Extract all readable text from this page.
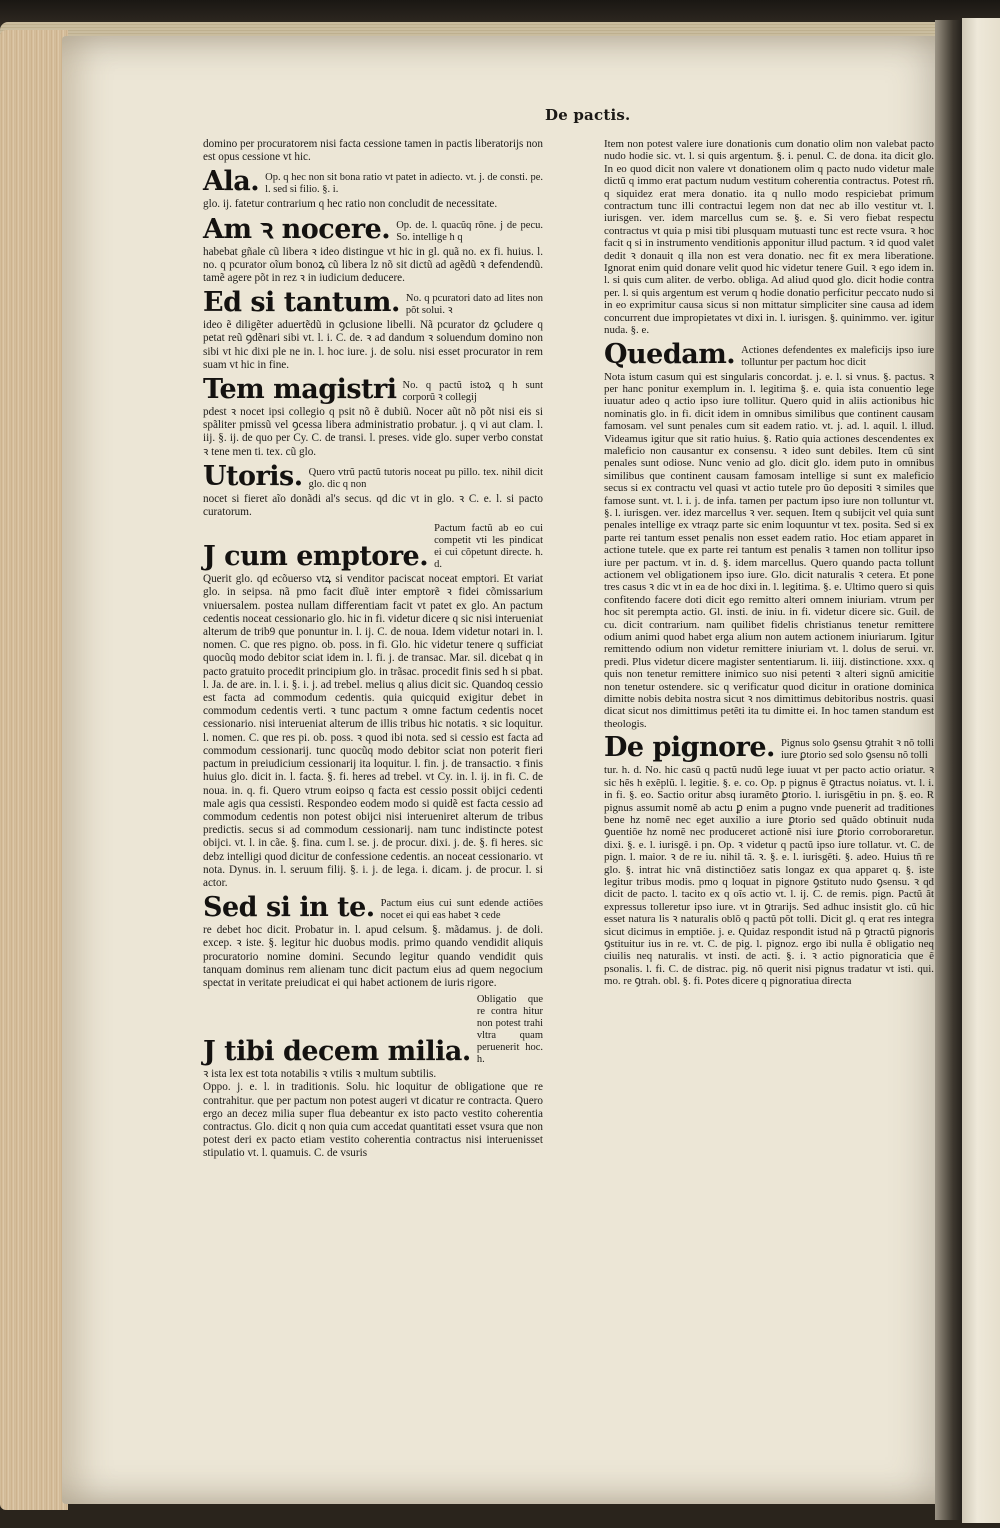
De pactis.

domino per procuratorem nisi facta cessione tamen in pactis liberatorijs non est opus cessione vt hic.

Ala. Op. q hec non sit bona ratio vt patet in adiecto. vt. j. de consti. pe. l. sed si filio. §. i.

glo. ij. fatetur contrarium q hec ratio non concludit de necessitate.

Am ꝛ nocere. Op. de. l. quacũq rõne. j de pecu. So. intellige h q

habebat gñale cũ libera ꝛ ideo distingue vt hic in gl. quã no. ex fi. huius. l. no. q pcurator oĩum bonoꝝ cũ libera lz nõ sit dictũ ad agẽdũ ꝛ defendendũ. tamẽ agere põt in rez ꝛ in iudicium deducere.

Ed si tantum. No. q pcuratori dato ad lites non põt solui. ꝛ

ideo ẽ diligẽter aduertẽdũ in ꝯclusione libelli. Nã pcurator dz ꝯcludere q petat reũ ꝯdẽnari sibi vt. l. i. C. de. ꝛ ad dandum ꝛ soluendum domino non sibi vt hic dixi ple ne in. l. hoc iure. j. de solu. nisi esset procurator in rem suam vt hic in fine.

Tem magistri No. q pactũ istoꝝ q h sunt corporũ ꝛ collegij

pdest ꝛ nocet ipsi collegio q psit nõ ẽ dubiũ. Nocer aũt nõ põt nisi eis si spãliter pmissũ vel ꝯcessa libera administratio probatur. j. q vi aut clam. l. iij. §. ij. de quo per Cy. C. de transi. l. preses. vide glo. super verbo constat ꝛ tene men ti. tex. cũ glo.

Utoris. Quero vtrũ pactũ tutoris noceat pu pillo. tex. nihil dicit glo. dic q non

nocet si fieret aĩo donãdi al's secus. qd dic vt in glo. ꝛ C. e. l. si pacto curatorum.

J cum emptore.
Pactum factũ ab eo cui competit vti les pindicat ei cui cõpetunt directe. h. d.

Querit glo. qd ecõuerso vtꝝ si venditor paciscat noceat emptori. Et variat glo. in seipsa. nã pmo facit dĩuẽ inter emptorẽ ꝛ fidei cõmissarium vniuersalem. postea nullam differentiam facit vt patet ex glo. An pactum cedentis noceat cessionario glo. hic in fi. videtur dicere q sic nisi interueniat alterum de trib9 que ponuntur in. l. ij. C. de noua. Idem videtur notari in. l. nomen. C. que res pigno. ob. poss. in fi. Glo. hic videtur tenere q sufficiat quocũq modo debitor sciat idem in. l. fi. j. de transac. Mar. sil. dicebat q in pacto gratuito procedit principium glo. in trãsac. procedit finis sed h si pbat. l. Ja. de are. in. l. i. §. i. j. ad trebel. melius q alius dicit sic. Quandoq cessio est facta ad commodum cedentis. quia quicquid exigitur debet in commodum cedentis verti. ꝛ tunc pactum ꝛ omne factum cedentis nocet cessionario. nisi interueniat alterum de illis tribus hic notatis. ꝛ sic loquitur. l. nomen. C. que res pi. ob. poss. ꝛ quod ibi nota. sed si cessio est facta ad commodum cessionarij. tunc quocũq modo debitor sciat non poterit fieri pactum in preiudicium cessionarij ita loquitur. l. fin. j. de transactio. ꝛ finis huius glo. dicit in. l. facta. §. fi. heres ad trebel. vt Cy. in. l. ij. in fi. C. de noua. in. q. fi. Quero vtrum eoipso q facta est cessio possit obijci cedenti male agis qua cessisti. Respondeo eodem modo si quidẽ est facta cessio ad commodum cedentis non potest obijci nisi interueniret alterum de tribus predictis. secus si ad commodum cessionarij. nam tunc indistincte potest obijci. vt. l. in cãe. §. fina. cum l. se. j. de procur. dixi. j. de. §. fi heres. sic debz intelligi quod dicitur de confessione cedentis. an noceat cessionario. vt nota. Dynus. in. l. seruum filij. §. i. j. de lega. i. dicam. j. de procur. l. si actor.

Sed si in te. Pactum eius cui sunt edende actiões nocet ei qui eas habet ꝛ cede

re debet hoc dicit. Probatur in. l. apud celsum. §. mãdamus. j. de doli. excep. ꝛ iste. §. legitur hic duobus modis. primo quando vendidit aliquis procuratorio nomine domini. Secundo legitur quando vendidit quis tanquam dominus rem alienam tunc dicit pactum eius ad quem negocium spectat in veritate preiudicat ei qui habet actionem de iuris rigore.

J tibi decem milia.
Obligatio que re contra hitur non potest trahi vltra quam peruenerit hoc. h.

ꝛ ista lex est tota notabilis ꝛ vtilis ꝛ multum subtilis.

Oppo. j. e. l. in traditionis. Solu. hic loquitur de obligatione que re contrahitur. que per pactum non potest augeri vt dicatur re contracta. Quero ergo an decez milia super flua debeantur ex isto pacto vestito coherentia contractus. Glo. dicit q non quia cum accedat quantitati esset vsura que non potest deri ex pacto etiam vestito coherentia contractus nisi interuenisset stipulatio vt. l. quamuis. C. de vsuris

Item non potest valere iure donationis cum donatio olim non valebat pacto nudo hodie sic. vt. l. si quis argentum. §. i. penul. C. de dona. ita dicit glo. In eo quod dicit non valere vt donationem olim q pacto nudo videtur male dictũ q immo erat pactum nudum vestitum coherentia contractus. Potest rñ. q siquidez erat mera donatio. ita q nullo modo respiciebat primum contractum tunc illi contractui legem non dat nec ab illo vestitur vt. l. iurisgen. ver. idem marcellus cum se. §. e. Si vero fiebat respectu contractus vt quia p misi tibi plusquam mutuasti tunc est recte vsura. ꝛ hoc facit q si in instrumento venditionis apponitur illud pactum. ꝛ id quod valet dedit ꝛ donauit q illa non est vera donatio. nec fit ex mera liberatione. Ignorat enim quid donare velit quod hic videtur tenere Guil. ꝛ ego idem in. l. si quis cum aliter. de verbo. obliga. Ad aliud quod glo. dicit hodie contra per. l. si quis argentum est verum q hodie donatio perficitur peccato nudo si in eo exprimitur causa sicus si non mittatur simpliciter sine causa ad idem concurrent due impropietates vt dixi in. l. iurisgen. §. quinimmo. ver. igitur nuda. §. e.

Quedam. Actiones defendentes ex maleficijs ipso iure tolluntur per pactum hoc dicit

Nota istum casum qui est singularis concordat. j. e. l. si vnus. §. pactus. ꝛ per hanc ponitur exemplum in. l. legitima §. e. quia ista conuentio lege iuuatur adeo q actio ipso iure tollitur. Quero quid in aliis actionibus hic nominatis glo. in fi. dicit idem in omnibus similibus que continent causam famosam. vel sunt penales cum sit eadem ratio. vt. j. ad. l. aquil. l. illud. Videamus igitur que sit ratio huius. §. Ratio quia actiones descendentes ex maleficio non causantur ex consensu. ꝛ ideo sunt debiles. Item cũ sint penales sunt odiose. Nunc venio ad glo. dicit glo. idem puto in omnibus similibus que continent causam famosam intellige si sunt ex maleficio secus si ex contractu vel quasi vt actio tutele pro ũo depositi ꝛ similes que famose sunt. vt. l. i. j. de infa. tamen per pactum ipso iure non tolluntur vt. §. l. iurisgen. ver. idez marcellus ꝛ ver. sequen. Item q subijcit vel quia sunt penales intellige ex vtraqz parte sic enim loquuntur vt tex. posita. Sed si ex parte rei tantum esset penalis non esset eadem ratio. Hoc etiam apparet in actione tutele. que ex parte rei tantum est penalis ꝛ tamen non tollitur ipso iure per pactum. vt in. d. §. idem marcellus. Quero quando pacta tollunt actionem vel obligationem ipso iure. Glo. dicit naturalis ꝛ cetera. Et pone tres casus ꝛ dic vt in ea de hoc dixi in. l. legitima. §. e. Ultimo quero si quis confitendo facere doti dicit ego remitto alteri omnem iniuriam. vtrum per hoc sit perempta actio. Gl. insti. de iniu. in fi. videtur dicere sic. Guil. de cu. dicit contrarium. nam quilibet fidelis christianus tenetur remittere odium animi quod habet erga alium non autem actionem iniuriarum. Igitur remittendo odium non videtur remittere iniuriam vt. l. dolus de serui. vr. predi. Plus videtur dicere magister sententiarum. li. iiij. distinctione. xxx. q quis non tenetur remittere inimico suo nisi petenti ꝛ alteri signũ amicitie non tenetur ostendere. sic q verificatur quod dicitur in oratione dominica dimitte nobis debita nostra sicut ꝛ nos dimittimus debitoribus nostris. quasi dicat sicut nos dimittimus petẽti ita tu dimitte ei. In hoc tamen standum est theologis.

De pignore. Pignus solo ꝯsensu ꝯtrahit ꝛ nõ tolli iure ꝑtorio sed solo ꝯsensu nõ tolli

tur. h. d. No. hic casũ q pactũ nudũ lege iuuat vt per pacto actio oriatur. ꝛ sic hẽs h exẽplũ. l. legitie. §. e. co. Op. p pignus ẽ ꝯtractus noiatus. vt. l. i. in fi. §. eo. Sactio oritur absq iuramẽto ꝑtorio. l. iurisgẽtiu in pn. §. eo. R pignus assumit nomẽ ab actu ꝑ enim a pugno vnde puenerit ad traditiones bene hz nomẽ nec eget auxilio a iure ꝑtorio sed quãdo obtinuit nuda ꝯuentiõe hz nomẽ nec produceret actionẽ nisi iure ꝑtorio corroboraretur. dixi. §. e. l. iurisgẽ. i pn. Op. ꝛ videtur q pactũ ipso iure tollatur. vt. C. de pign. l. maior. ꝛ de re iu. nihil tã. ꝛ. §. e. l. iurisgẽti. §. adeo. Huius tñ re glo. §. intrat hic vnã distinctiõez satis longaz ex qua apparet q. §. iste legitur tribus modis. pmo q loquat in pignore ꝯstituto nudo ꝯsensu. ꝛ qd dicit de pacto. l. tacito ex q oĩs actio vt. l. ij. C. de remis. pign. Pactũ ãt expressus tolleretur ipso iure. vt in ꝯtrarijs. Sed adhuc insistit glo. cũ hic esset natura lis ꝛ naturalis oblõ q pactũ põt tolli. Dicit gl. q erat res integra sicut dicimus in emptiõe. j. e. Quidaz respondit istud nã p ꝯtractũ pignoris ꝯstituitur ius in re. vt. C. de pig. l. pignoz. ergo ibi nulla ẽ obligatio neq ciuilis neq naturalis. vt insti. de acti. §. i. ꝛ actio pignoraticia que ẽ psonalis. l. fi. C. de distrac. pig. nõ querit nisi pignus tradatur vt isti. qui. mo. re ꝯtrah. obl. §. fi. Potes dicere q pignoratiua directa
